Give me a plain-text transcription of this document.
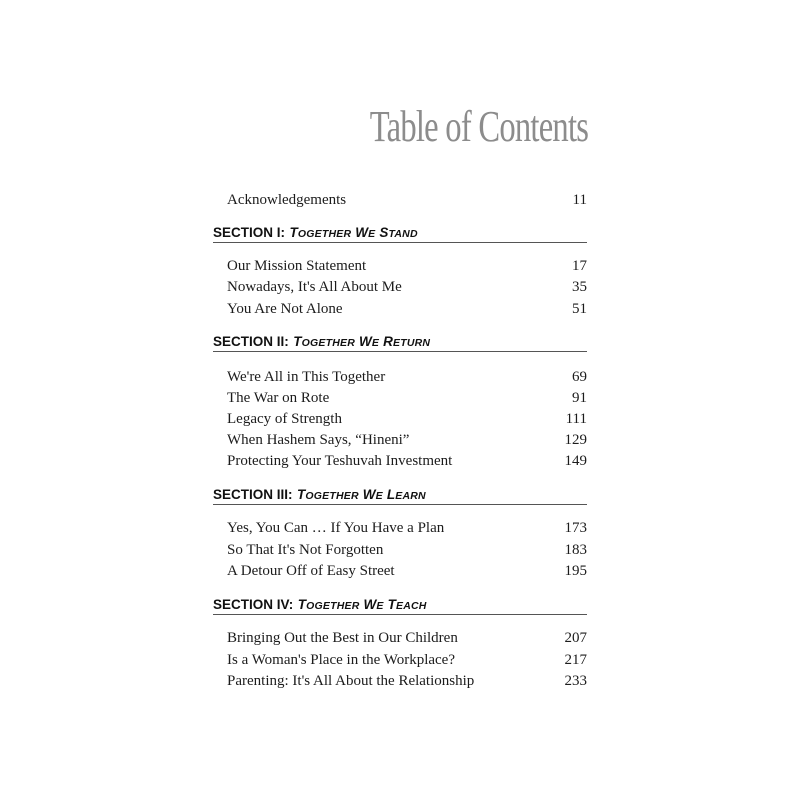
Table of Contents
Acknowledgements	11
SECTION I: TOGETHER WE STAND
Our Mission Statement	17
Nowadays, It's All About Me	35
You Are Not Alone	51
SECTION II: TOGETHER WE RETURN
We're All in This Together	69
The War on Rote	91
Legacy of Strength	111
When Hashem Says, “Hineni”	129
Protecting Your Teshuvah Investment	149
SECTION III: TOGETHER WE LEARN
Yes, You Can … If You Have a Plan	173
So That It's Not Forgotten	183
A Detour Off of Easy Street	195
SECTION IV: TOGETHER WE TEACH
Bringing Out the Best in Our Children	207
Is a Woman's Place in the Workplace?	217
Parenting: It's All About the Relationship	233
